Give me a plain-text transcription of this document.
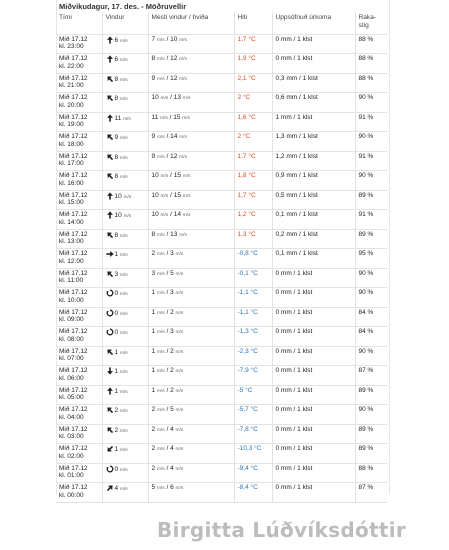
Miðvikudagur, 17. des. - Möðruvellir
Tími	Vindur	Mesti vindur / hviða	Hiti	Uppsöfnuð úrkoma	Raka-
stig
Mið 17.12
kl. 23:00	6 m/s	7 m/s / 10 m/s	1,7 °C	0 mm / 1 klst	88 %
Mið 17.12
kl. 22:00	6 m/s	8 m/s / 12 m/s	1,9 °C	0 mm / 1 klst	88 %
Mið 17.12
kl. 21:00	8 m/s	9 m/s / 12 m/s	2,1 °C	0,3 mm / 1 klst	88 %
Mið 17.12
kl. 20:00	8 m/s	10 m/s / 13 m/s	2 °C	0,6 mm / 1 klst	90 %
Mið 17.12
kl. 19:00	11 m/s	11 m/s / 15 m/s	1,6 °C	1 mm / 1 klst	91 %
Mið 17.12
kl. 18:00	9 m/s	9 m/s / 14 m/s	2 °C	1,3 mm / 1 klst	90 %
Mið 17.12
kl. 17:00	8 m/s	9 m/s / 12 m/s	1,7 °C	1,2 mm / 1 klst	91 %
Mið 17.12
kl. 16:00	8 m/s	10 m/s / 15 m/s	1,8 °C	0,9 mm / 1 klst	90 %
Mið 17.12
kl. 15:00	10 m/s	10 m/s / 15 m/s	1,7 °C	0,5 mm / 1 klst	89 %
Mið 17.12
kl. 14:00	10 m/s	10 m/s / 14 m/s	1,2 °C	0,1 mm / 1 klst	91 %
Mið 17.12
kl. 13:00	8 m/s	8 m/s / 13 m/s	1,3 °C	0,2 mm / 1 klst	89 %
Mið 17.12
kl. 12:00	1 m/s	2 m/s / 3 m/s	-0,8 °C	0,1 mm / 1 klst	95 %
Mið 17.12
kl. 11:00	3 m/s	3 m/s / 5 m/s	-0,1 °C	0 mm / 1 klst	90 %
Mið 17.12
kl. 10:00	0 m/s	1 m/s / 3 m/s	-1,1 °C	0 mm / 1 klst	90 %
Mið 17.12
kl. 09:00	0 m/s	1 m/s / 2 m/s	-1,1 °C	0 mm / 1 klst	84 %
Mið 17.12
kl. 08:00	0 m/s	1 m/s / 3 m/s	-1,3 °C	0 mm / 1 klst	84 %
Mið 17.12
kl. 07:00	1 m/s	1 m/s / 2 m/s	-2,3 °C	0 mm / 1 klst	90 %
Mið 17.12
kl. 06:00	1 m/s	1 m/s / 2 m/s	-7,9 °C	0 mm / 1 klst	87 %
Mið 17.12
kl. 05:00	1 m/s	1 m/s / 2 m/s	-5 °C	0 mm / 1 klst	89 %
Mið 17.12
kl. 04:00	2 m/s	2 m/s / 5 m/s	-5,7 °C	0 mm / 1 klst	90 %
Mið 17.12
kl. 03:00	2 m/s	2 m/s / 4 m/s	-7,8 °C	0 mm / 1 klst	89 %
Mið 17.12
kl. 02:00	1 m/s	2 m/s / 4 m/s	-10,3 °C	0 mm / 1 klst	89 %
Mið 17.12
kl. 01:00	0 m/s	2 m/s / 4 m/s	-9,4 °C	0 mm / 1 klst	88 %
Mið 17.12
kl. 00:00	4 m/s	5 m/s / 6 m/s	-8,4 °C	0 mm / 1 klst	87 %
Birgitta Lúðvíksdóttir
